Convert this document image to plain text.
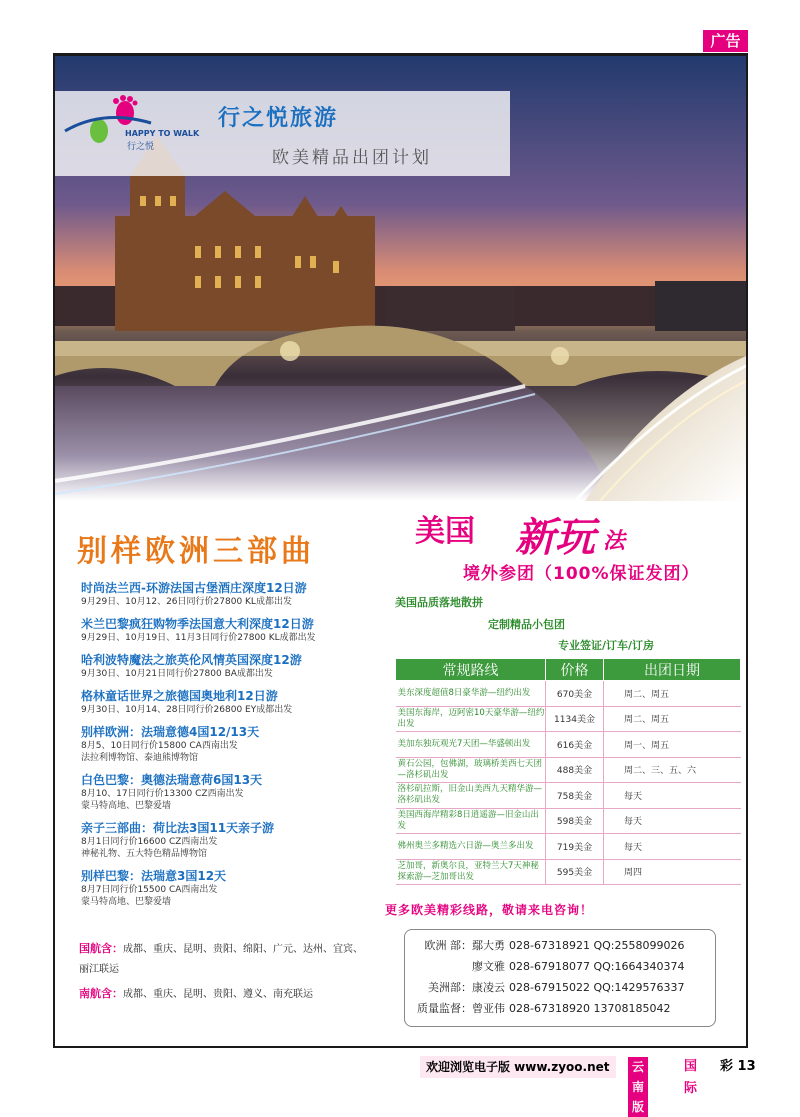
广告
HAPPY TO WALK
行之悦
行之悦旅游
欧美精品出团计划
别样欧洲三部曲
时尚法兰西-环游法国古堡酒庄深度12日游
9月29日、10月12、26日同行价27800 KL成都出发
米兰巴黎疯狂购物季法国意大利深度12日游
9月29日、10月19日、11月3日同行价27800 KL成都出发
哈利波特魔法之旅英伦风情英国深度12游
9月30日、10月21日同行价27800 BA成都出发
格林童话世界之旅德国奥地利12日游
9月30日、10月14、28日同行价26800 EY成都出发
别样欧洲：法瑞意德4国12/13天
8月5、10日同行价15800 CA西南出发
法拉利博物馆、泰迪熊博物馆
白色巴黎：奥德法瑞意荷6国13天
8月10、17日同行价13300 CZ西南出发
蒙马特高地、巴黎爱墙
亲子三部曲：荷比法3国11天亲子游
8月1日同行价16600 CZ西南出发
神秘礼物、五大特色精品博物馆
别样巴黎：法瑞意3国12天
8月7日同行价15500 CA西南出发
蒙马特高地、巴黎爱墙
国航含：成都、重庆、昆明、贵阳、绵阳、广元、达州、宜宾、丽江联运
南航含：成都、重庆、昆明、贵阳、遵义、南充联运
美国 新玩 法
境外参团（100%保证发团）
美国品质落地散拼
定制精品小包团
专业签证/订车/订房
常规路线	价格	出团日期
美东深度超值8日豪华游—纽约出发	670美金	周二、周五
美国东海岸，迈阿密10天豪华游—纽约出发	1134美金	周二、周五
美加东独玩观光7天团—华盛顿出发	616美金	周一、周五
黄石公园，包佛湖，玻璃桥美西七天团—洛杉矶出发	488美金	周二、三、五、六
洛杉矶拉斯，旧金山美西九天精华游—洛杉矶出发	758美金	每天
美国西海岸精彩8日逍遥游—旧金山出发	598美金	每天
佛州奥兰多精选六日游—奥兰多出发	719美金	每天
芝加哥，新奥尔良，亚特兰大7天神秘探索游—芝加哥出发	595美金	周四
更多欧美精彩线路，敬请来电咨询！
欧洲 部：鄢大勇 028-67318921 QQ:2558099026
廖文雅 028-67918077 QQ:1664340374
美洲部：康凌云 028-67915022 QQ:1429576337
质量监督：曾亚伟 028-67318920 13708185042
欢迎浏览电子版 www.zyoo.net	云南版
国际
彩 13
